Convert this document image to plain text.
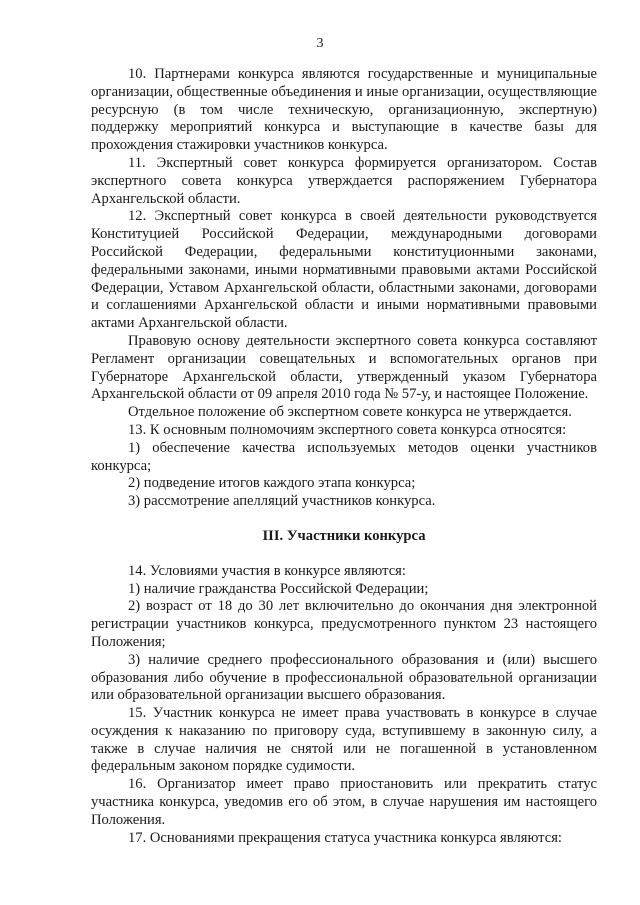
3

10. Партнерами конкурса являются государственные и муниципальные организации, общественные объединения и иные организации, осуществляющие ресурсную (в том числе техническую, организационную, экспертную) поддержку мероприятий конкурса и выступающие в качестве базы для прохождения стажировки участников конкурса.

11. Экспертный совет конкурса формируется организатором. Состав экспертного совета конкурса утверждается распоряжением Губернатора Архангельской области.

12. Экспертный совет конкурса в своей деятельности руководствуется Конституцией Российской Федерации, международными договорами Российской Федерации, федеральными конституционными законами, федеральными законами, иными нормативными правовыми актами Российской Федерации, Уставом Архангельской области, областными законами, договорами и соглашениями Архангельской области и иными нормативными правовыми актами Архангельской области.

Правовую основу деятельности экспертного совета конкурса составляют Регламент организации совещательных и вспомогательных органов при Губернаторе Архангельской области, утвержденный указом Губернатора Архангельской области от 09 апреля 2010 года № 57-у, и настоящее Положение.

Отдельное положение об экспертном совете конкурса не утверждается.

13. К основным полномочиям экспертного совета конкурса относятся:

1) обеспечение качества используемых методов оценки участников конкурса;

2) подведение итогов каждого этапа конкурса;

3) рассмотрение апелляций участников конкурса.

III. Участники конкурса

14. Условиями участия в конкурсе являются:

1) наличие гражданства Российской Федерации;

2) возраст от 18 до 30 лет включительно до окончания дня электронной регистрации участников конкурса, предусмотренного пунктом 23 настоящего Положения;

3) наличие среднего профессионального образования и (или) высшего образования либо обучение в профессиональной образовательной организации или образовательной организации высшего образования.

15. Участник конкурса не имеет права участвовать в конкурсе в случае осуждения к наказанию по приговору суда, вступившему в законную силу, а также в случае наличия не снятой или не погашенной в установленном федеральным законом порядке судимости.

16. Организатор имеет право приостановить или прекратить статус участника конкурса, уведомив его об этом, в случае нарушения им настоящего Положения.

17. Основаниями прекращения статуса участника конкурса являются:
